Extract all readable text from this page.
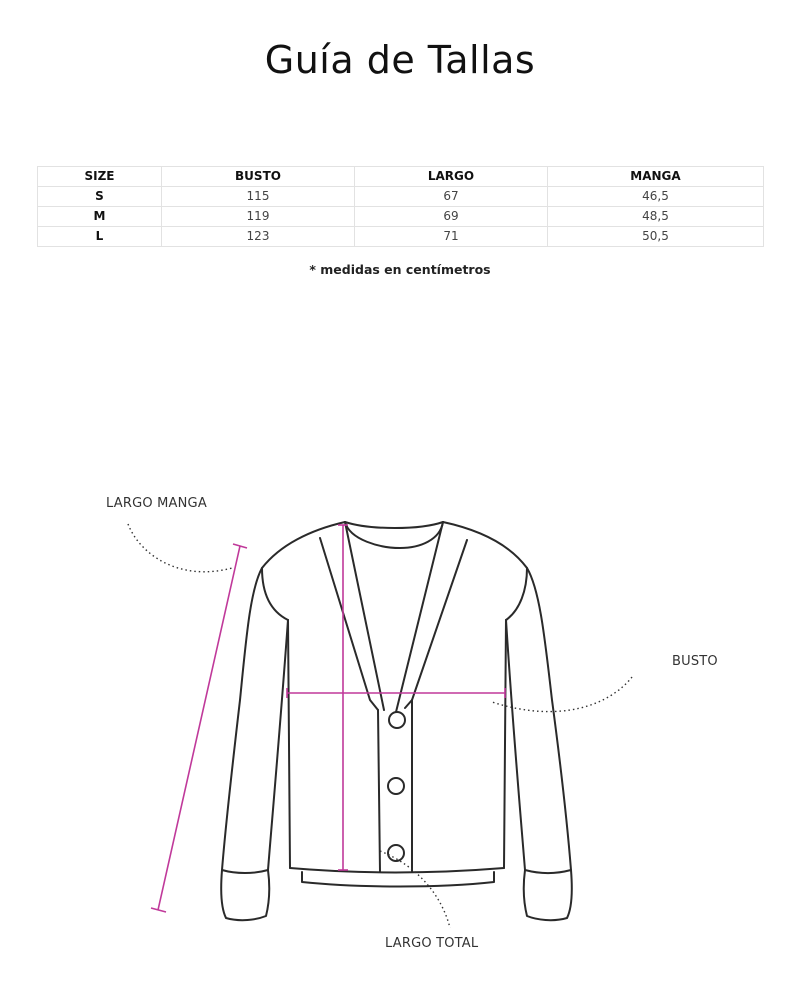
Guía de Tallas
SIZE	BUSTO	LARGO	MANGA
S	115	67	46,5
M	119	69	48,5
L	123	71	50,5
* medidas en centímetros
LARGO MANGA
BUSTO
LARGO TOTAL
